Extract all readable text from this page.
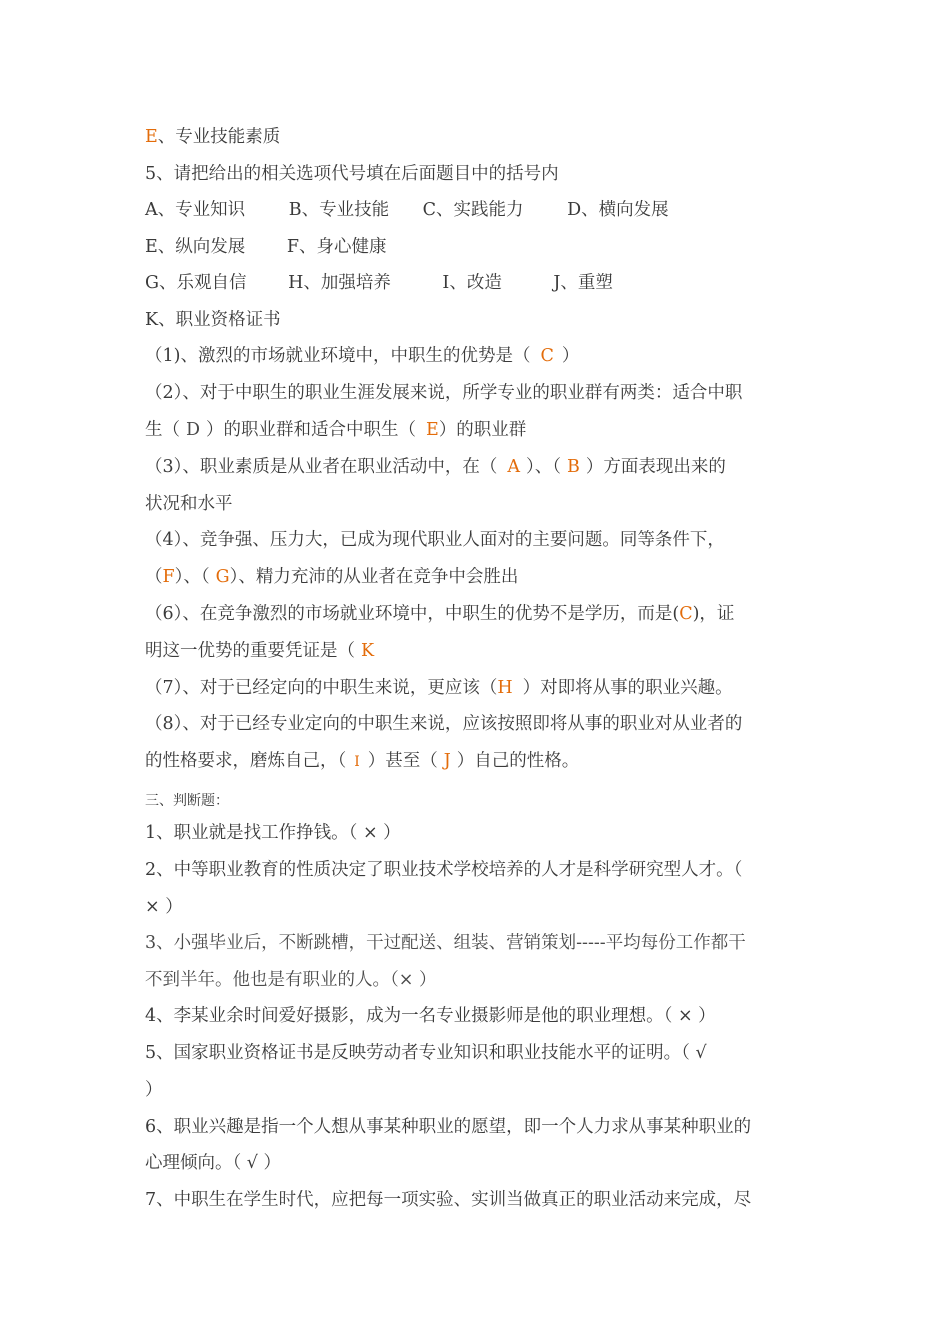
E、专业技能素质
5、请把给出的相关选项代号填在后面题目中的括号内
A、专业知识 B、专业技能 C、实践能力 D、横向发展
E、纵向发展 F、身心健康
G、乐观自信 H、加强培养	I、改造	J、重塑
K、职业资格证书
（1)、激烈的市场就业环境中，中职生的优势是（ C ）
（2）、对于中职生的职业生涯发展来说，所学专业的职业群有两类：适合中职
生（ D ）的职业群和适合中职生（ E）的职业群
（3）、职业素质是从业者在职业活动中，在（ A ）、（ B ）方面表现出来的
状况和水平
（4）、竞争强、压力大，已成为现代职业人面对的主要问题。同等条件下，
（F）、（ G）、精力充沛的从业者在竞争中会胜出
（6）、在竞争激烈的市场就业环境中，中职生的优势不是学历，而是(C)，证
明这一优势的重要凭证是（ K
（7）、对于已经定向的中职生来说，更应该（H ）对即将从事的职业兴趣。
（8）、对于已经专业定向的中职生来说，应该按照即将从事的职业对从业者的
的性格要求，磨炼自己，（ I ）甚至（ J ）自己的性格。
三、判断题：
1、职业就是找工作挣钱。（ × ）
2、中等职业教育的性质决定了职业技术学校培养的人才是科学研究型人才。（
× ）
3、小强毕业后，不断跳槽，干过配送、组装、营销策划-----平均每份工作都干
不到半年。他也是有职业的人。（× ）
4、李某业余时间爱好摄影，成为一名专业摄影师是他的职业理想。（ × ）
5、国家职业资格证书是反映劳动者专业知识和职业技能水平的证明。（ √
）
6、职业兴趣是指一个人想从事某种职业的愿望，即一个人力求从事某种职业的
心理倾向。（ √ ）
7、中职生在学生时代，应把每一项实验、实训当做真正的职业活动来完成，尽
